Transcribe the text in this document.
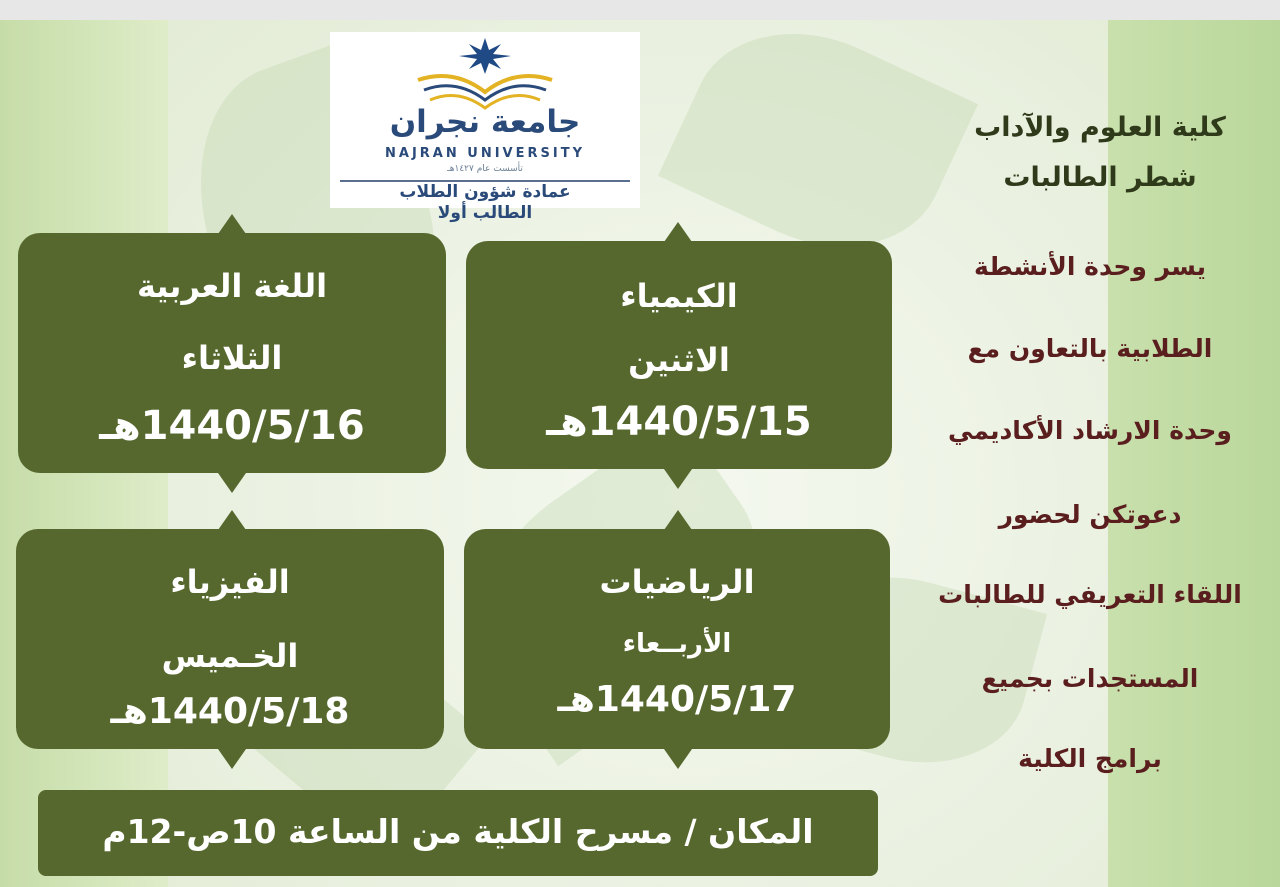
جامعة نجران
NAJRAN UNIVERSITY
تأسست عام ١٤٢٧هـ
عمادة شؤون الطلاب
الطالب أولا
اللغة العربية
الثلاثاء
1440/5/16هـ
الكيمياء
الاثنين
1440/5/15هـ
الفيزياء
الخـميس
1440/5/18هـ
الرياضيات
الأربــعاء
1440/5/17هـ
المكان / مسرح الكلية من الساعة 10ص-12م
كلية العلوم والآداب
شطر الطالبات
يسر وحدة الأنشطة
الطلابية بالتعاون مع
وحدة الارشاد الأكاديمي
دعوتكن لحضور
اللقاء التعريفي للطالبات
المستجدات بجميع
برامج الكلية
